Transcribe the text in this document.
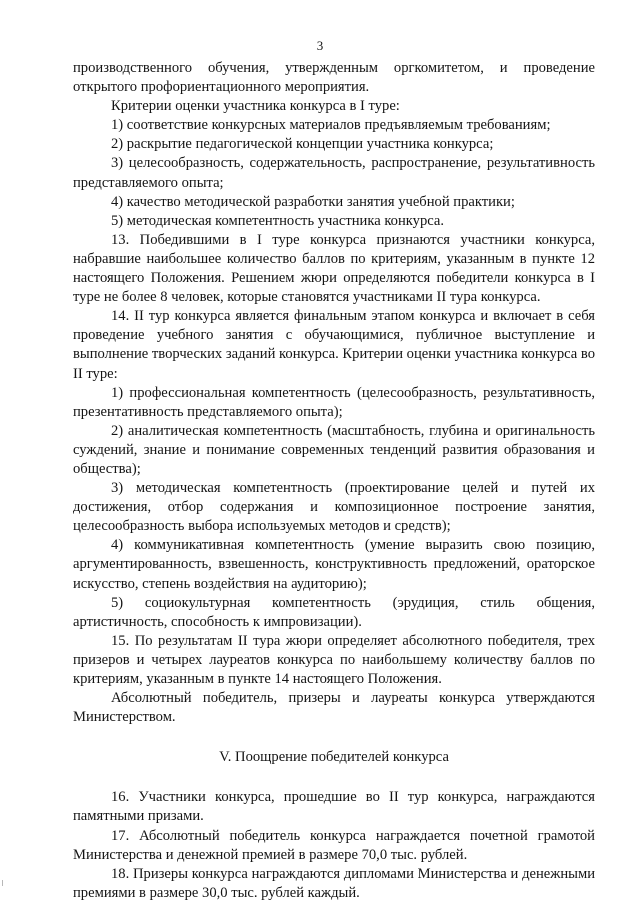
3

производственного обучения, утвержденным оргкомитетом, и проведение открытого профориентационного мероприятия.

Критерии оценки участника конкурса в I туре:

1) соответствие конкурсных материалов предъявляемым требованиям;

2) раскрытие педагогической концепции участника конкурса;

3) целесообразность, содержательность, распространение, результативность представляемого опыта;

4) качество методической разработки занятия учебной практики;

5) методическая компетентность участника конкурса.

13. Победившими в I туре конкурса признаются участники конкурса, набравшие наибольшее количество баллов по критериям, указанным в пункте 12 настоящего Положения. Решением жюри определяются победители конкурса в I туре не более 8 человек, которые становятся участниками II тура конкурса.

14. II тур конкурса является финальным этапом конкурса и включает в себя проведение учебного занятия с обучающимися, публичное выступление и выполнение творческих заданий конкурса. Критерии оценки участника конкурса во II туре:

1) профессиональная компетентность (целесообразность, результативность, презентативность представляемого опыта);

2) аналитическая компетентность (масштабность, глубина и оригинальность суждений, знание и понимание современных тенденций развития образования и общества);

3) методическая компетентность (проектирование целей и путей их достижения, отбор содержания и композиционное построение занятия, целесообразность выбора используемых методов и средств);

4) коммуникативная компетентность (умение выразить свою позицию, аргументированность, взвешенность, конструктивность предложений, ораторское искусство, степень воздействия на аудиторию);

5) социокультурная компетентность (эрудиция, стиль общения, артистичность, способность к импровизации).

15. По результатам II тура жюри определяет абсолютного победителя, трех призеров и четырех лауреатов конкурса по наибольшему количеству баллов по критериям, указанным в пункте 14 настоящего Положения.

Абсолютный победитель, призеры и лауреаты конкурса утверждаются Министерством.

V. Поощрение победителей конкурса

16. Участники конкурса, прошедшие во II тур конкурса, награждаются памятными призами.

17. Абсолютный победитель конкурса награждается почетной грамотой Министерства и денежной премией в размере 70,0 тыс. рублей.

18. Призеры конкурса награждаются дипломами Министерства и денежными премиями в размере 30,0 тыс. рублей каждый.
